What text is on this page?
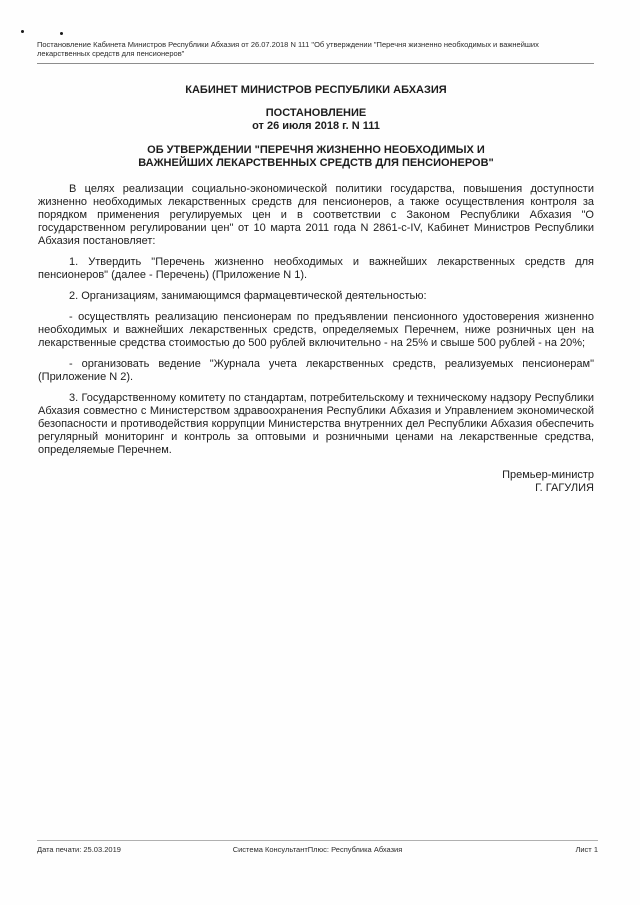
Постановление Кабинета Министров Республики Абхазия от 26.07.2018 N 111 "Об утверждении "Перечня жизненно необходимых и важнейших лекарственных средств для пенсионеров"
КАБИНЕТ МИНИСТРОВ РЕСПУБЛИКИ АБХАЗИЯ
ПОСТАНОВЛЕНИЕ
от 26 июля 2018 г. N 111
ОБ УТВЕРЖДЕНИИ "ПЕРЕЧНЯ ЖИЗНЕННО НЕОБХОДИМЫХ И ВАЖНЕЙШИХ ЛЕКАРСТВЕННЫХ СРЕДСТВ ДЛЯ ПЕНСИОНЕРОВ"

В целях реализации социально-экономической политики государства, повышения доступности жизненно необходимых лекарственных средств для пенсионеров, а также осуществления контроля за порядком применения регулируемых цен и в соответствии с Законом Республики Абхазия "О государственном регулировании цен" от 10 марта 2011 года N 2861-с-IV, Кабинет Министров Республики Абхазия постановляет:

1. Утвердить "Перечень жизненно необходимых и важнейших лекарственных средств для пенсионеров" (далее - Перечень) (Приложение N 1).

2. Организациям, занимающимся фармацевтической деятельностью:

- осуществлять реализацию пенсионерам по предъявлении пенсионного удостоверения жизненно необходимых и важнейших лекарственных средств, определяемых Перечнем, ниже розничных цен на лекарственные средства стоимостью до 500 рублей включительно - на 25% и свыше 500 рублей - на 20%;

- организовать ведение "Журнала учета лекарственных средств, реализуемых пенсионерам" (Приложение N 2).

3. Государственному комитету по стандартам, потребительскому и техническому надзору Республики Абхазия совместно с Министерством здравоохранения Республики Абхазия и Управлением экономической безопасности и противодействия коррупции Министерства внутренних дел Республики Абхазия обеспечить регулярный мониторинг и контроль за оптовыми и розничными ценами на лекарственные средства, определяемые Перечнем.

Премьер-министр
Г. ГАГУЛИЯ
Дата печати: 25.03.2019	Система КонсультантПлюс: Республика Абхазия	Лист 1
